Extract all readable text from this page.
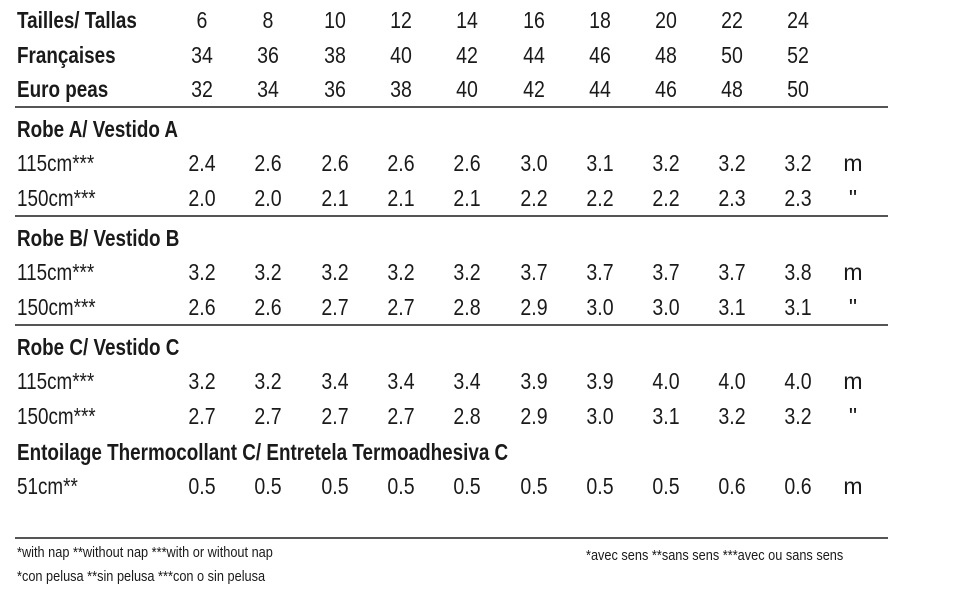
Tailles/ Tallas	6	8	10	12	14	16	18	20	22	24
Françaises	34	36	38	40	42	44	46	48	50	52
Euro peas	32	34	36	38	40	42	44	46	48	50
Robe A/ Vestido A
115cm***	2.4 2.6 2.6 2.6 2.6 3.0 3.1 3.2 3.2 3.2 m
150cm***	2.0 2.0 2.1 2.1 2.1 2.2 2.2 2.2 2.3 2.3	"
Robe B/ Vestido B
115cm***	3.2 3.2 3.2 3.2 3.2 3.7 3.7 3.7 3.7 3.8 m
150cm***	2.6 2.6 2.7 2.7 2.8 2.9 3.0 3.0 3.1 3.1	"
Robe C/ Vestido C
115cm***	3.2 3.2 3.4 3.4 3.4 3.9 3.9 4.0 4.0 4.0 m
150cm***	2.7 2.7 2.7 2.7 2.8 2.9 3.0 3.1 3.2 3.2	"
Entoilage Thermocollant C/ Entretela Termoadhesiva C
51cm**	0.5 0.5 0.5 0.5 0.5 0.5 0.5 0.5 0.6 0.6 m
*with nap **without nap ***with or without nap
*con pelusa **sin pelusa ***con o sin pelusa
*avec sens **sans sens ***avec ou sans sens
